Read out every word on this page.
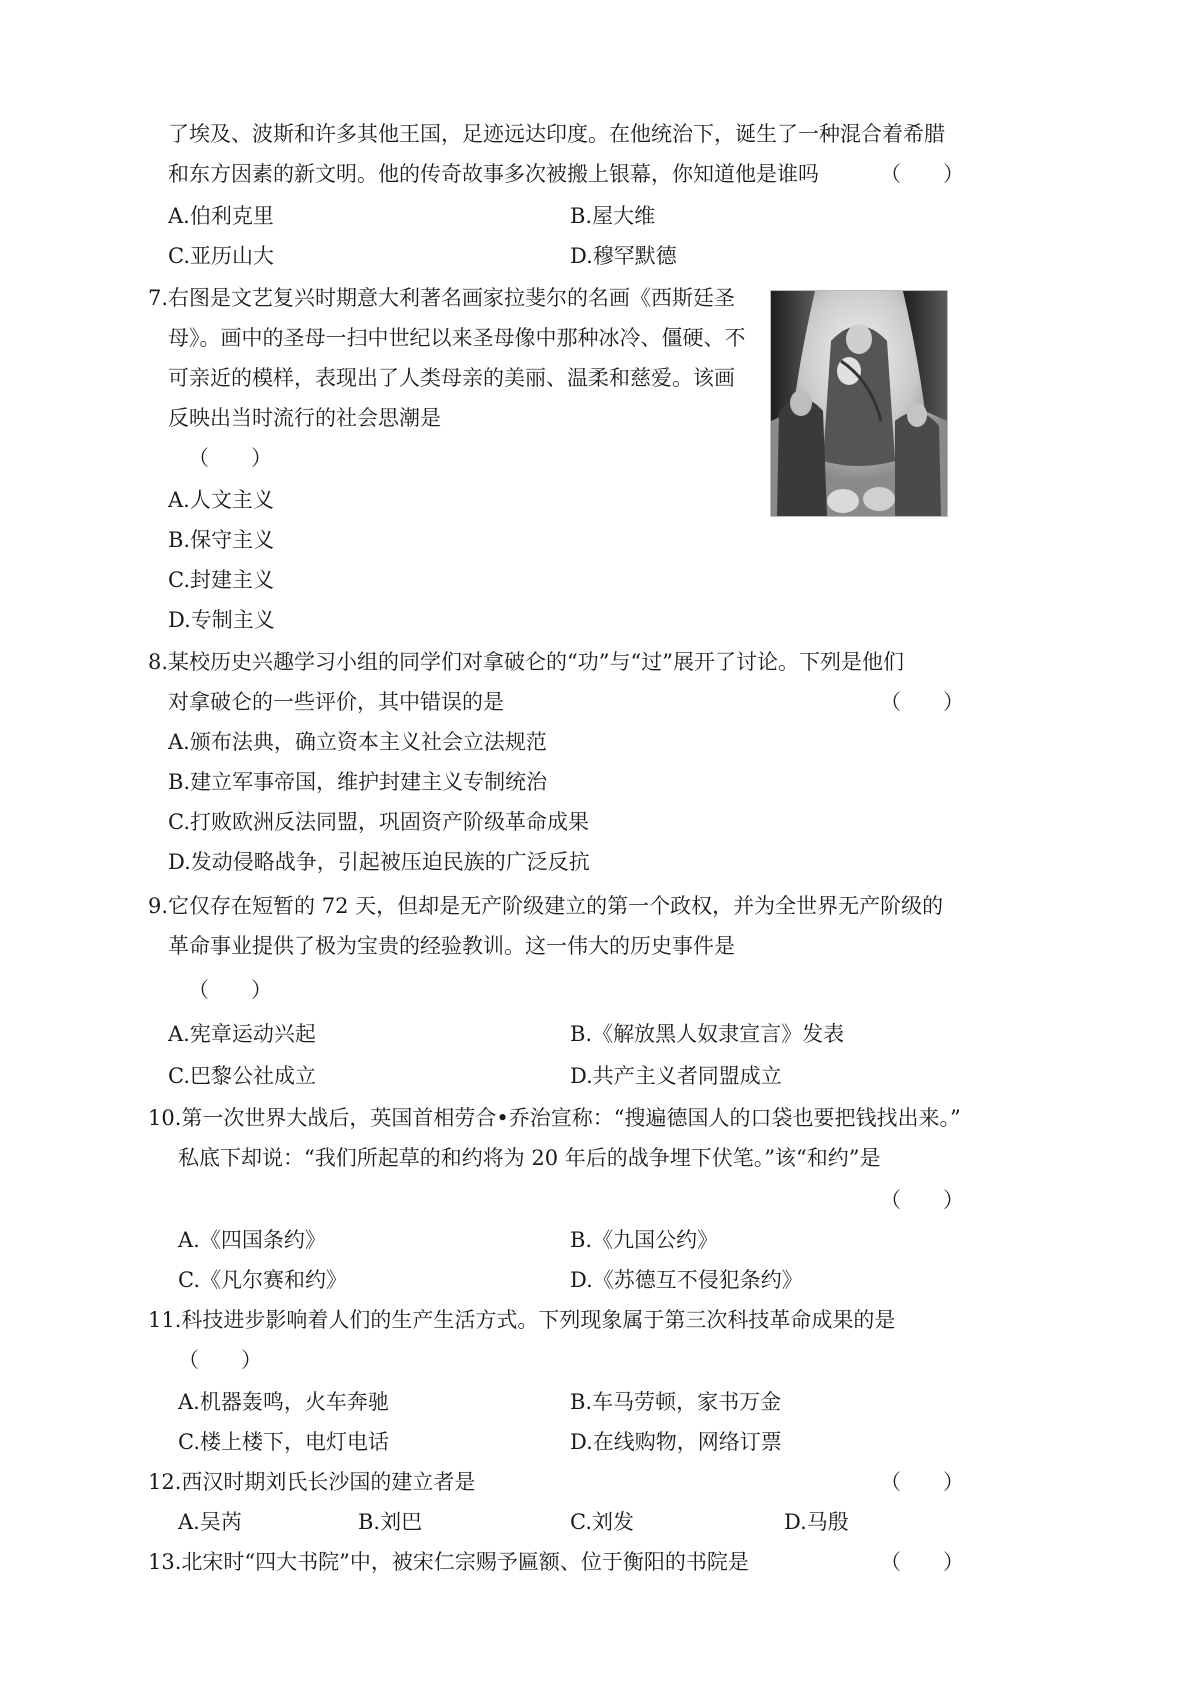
了埃及、波斯和许多其他王国，足迹远达印度。在他统治下，诞生了一种混合着希腊
和东方因素的新文明。他的传奇故事多次被搬上银幕，你知道他是谁吗	（　　）
A.伯利克里	B.屋大维
C.亚历山大	D.穆罕默德
7.右图是文艺复兴时期意大利著名画家拉斐尔的名画《西斯廷圣
母》。画中的圣母一扫中世纪以来圣母像中那种冰冷、僵硬、不
可亲近的模样，表现出了人类母亲的美丽、温柔和慈爱。该画
反映出当时流行的社会思潮是
（　　）
A.人文主义
B.保守主义
C.封建主义
D.专制主义
8.某校历史兴趣学习小组的同学们对拿破仑的“功”与“过”展开了讨论。下列是他们
对拿破仑的一些评价，其中错误的是	（　　）
A.颁布法典，确立资本主义社会立法规范
B.建立军事帝国，维护封建主义专制统治
C.打败欧洲反法同盟，巩固资产阶级革命成果
D.发动侵略战争，引起被压迫民族的广泛反抗
9.它仅存在短暂的 72 天，但却是无产阶级建立的第一个政权，并为全世界无产阶级的
革命事业提供了极为宝贵的经验教训。这一伟大的历史事件是
（　　）
A.宪章运动兴起	B.《解放黑人奴隶宣言》发表
C.巴黎公社成立	D.共产主义者同盟成立
10.第一次世界大战后，英国首相劳合•乔治宣称：“搜遍德国人的口袋也要把钱找出来。”
私底下却说：“我们所起草的和约将为 20 年后的战争埋下伏笔。”该“和约”是
（　　）
A.《四国条约》	B.《九国公约》
C.《凡尔赛和约》	D.《苏德互不侵犯条约》
11.科技进步影响着人们的生产生活方式。下列现象属于第三次科技革命成果的是
（　　）
A.机器轰鸣，火车奔驰	B.车马劳顿，家书万金
C.楼上楼下，电灯电话	D.在线购物，网络订票
12.西汉时期刘氏长沙国的建立者是	（　　）
A.吴芮	B.刘巴	C.刘发	D.马殷
13.北宋时“四大书院”中，被宋仁宗赐予匾额、位于衡阳的书院是	（　　）
